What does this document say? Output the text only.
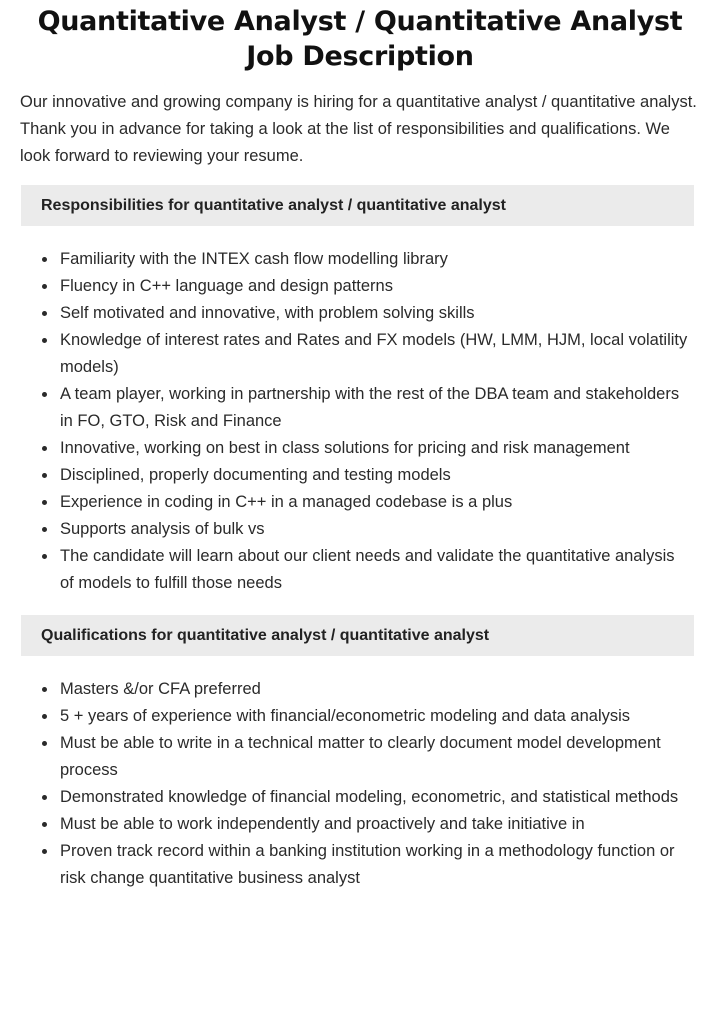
Quantitative Analyst / Quantitative Analyst
Job Description

Our innovative and growing company is hiring for a quantitative analyst / quantitative analyst. Thank you in advance for taking a look at the list of responsibilities and qualifications. We look forward to reviewing your resume.

Responsibilities for quantitative analyst / quantitative analyst
Familiarity with the INTEX cash flow modelling library
Fluency in C++ language and design patterns
Self motivated and innovative, with problem solving skills
Knowledge of interest rates and Rates and FX models (HW, LMM, HJM, local volatility models)
A team player, working in partnership with the rest of the DBA team and stakeholders in FO, GTO, Risk and Finance
Innovative, working on best in class solutions for pricing and risk management
Disciplined, properly documenting and testing models
Experience in coding in C++ in a managed codebase is a plus
Supports analysis of bulk vs
The candidate will learn about our client needs and validate the quantitative analysis of models to fulfill those needs
Qualifications for quantitative analyst / quantitative analyst
Masters &/or CFA preferred
5 + years of experience with financial/econometric modeling and data analysis
Must be able to write in a technical matter to clearly document model development process
Demonstrated knowledge of financial modeling, econometric, and statistical methods
Must be able to work independently and proactively and take initiative in
Proven track record within a banking institution working in a methodology function or risk change quantitative business analyst
